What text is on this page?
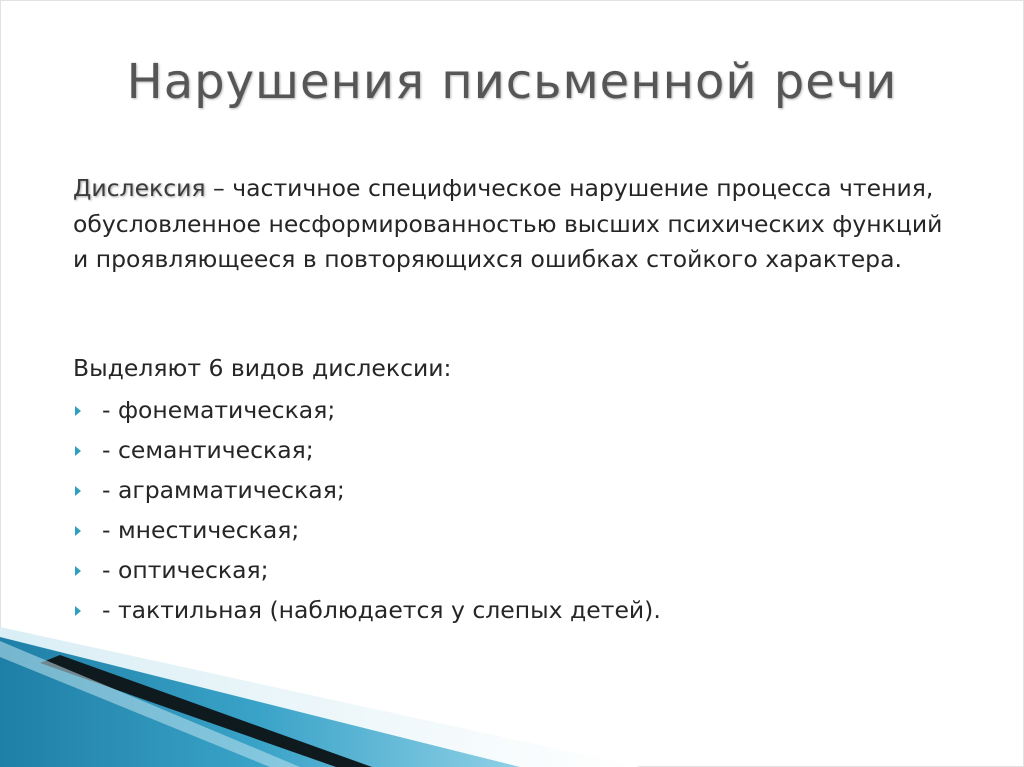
Нарушения письменной речи
Дислексия – частичное специфическое нарушение процесса чтения, обусловленное несформированностью высших психических функций и проявляющееся в повторяющихся ошибках стойкого характера.
Выделяют 6 видов дислексии:
- фонематическая;
- семантическая;
- аграмматическая;
- мнестическая;
- оптическая;
- тактильная (наблюдается у слепых детей).
